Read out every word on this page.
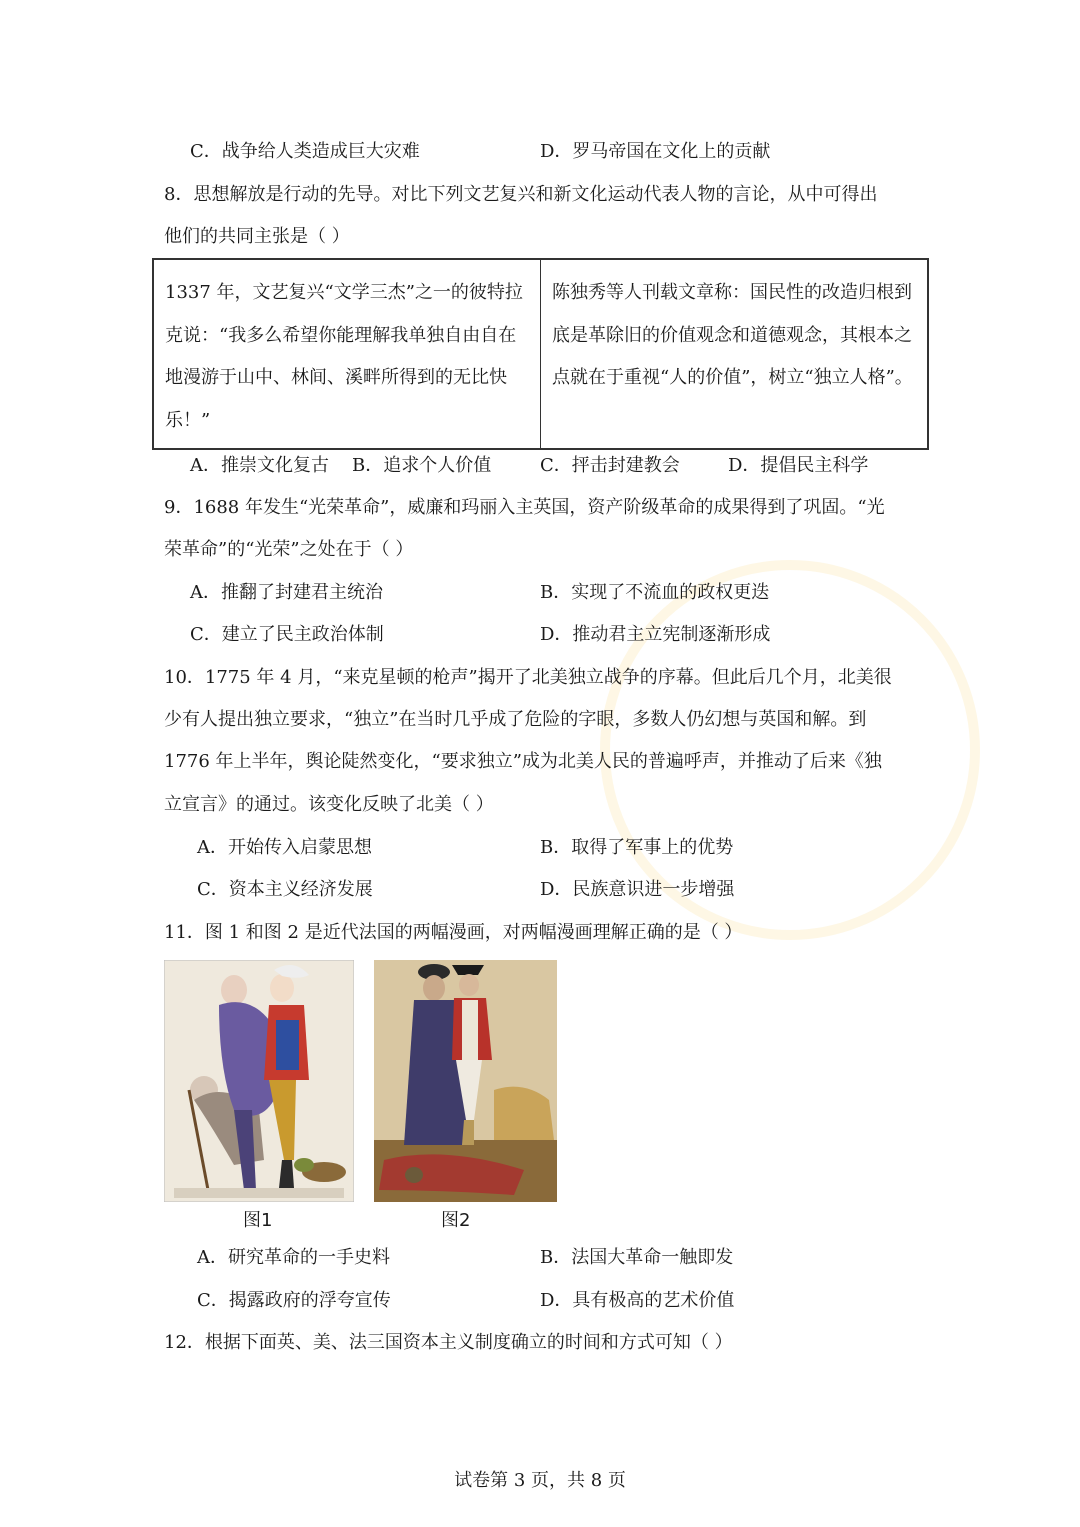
C．战争给人类造成巨大灾难	D．罗马帝国在文化上的贡献
8．思想解放是行动的先导。对比下列文艺复兴和新文化运动代表人物的言论，从中可得出
他们的共同主张是（ ）
1337 年，文艺复兴“文学三杰”之一的彼特拉克说：“我多么希望你能理解我单独自由自在地漫游于山中、林间、溪畔所得到的无比快乐！”	陈独秀等人刊载文章称：国民性的改造归根到底是革除旧的价值观念和道德观念，其根本之点就在于重视“人的价值”，树立“独立人格”。
A．推崇文化复古 B．追求个人价值	C．抨击封建教会	D．提倡民主科学
9．1688 年发生“光荣革命”，威廉和玛丽入主英国，资产阶级革命的成果得到了巩固。“光
荣革命”的“光荣”之处在于（ ）
A．推翻了封建君主统治	B．实现了不流血的政权更迭
C．建立了民主政治体制	D．推动君主立宪制逐渐形成
10．1775 年 4 月，“来克星顿的枪声”揭开了北美独立战争的序幕。但此后几个月，北美很
少有人提出独立要求，“独立”在当时几乎成了危险的字眼，多数人仍幻想与英国和解。到
1776 年上半年，舆论陡然变化，“要求独立”成为北美人民的普遍呼声，并推动了后来《独
立宣言》的通过。该变化反映了北美（ ）
A．开始传入启蒙思想	B．取得了军事上的优势
C．资本主义经济发展	D．民族意识进一步增强
11．图 1 和图 2 是近代法国的两幅漫画，对两幅漫画理解正确的是（ ）
图1	图2
A．研究革命的一手史料	B．法国大革命一触即发
C．揭露政府的浮夸宣传	D．具有极高的艺术价值
12．根据下面英、美、法三国资本主义制度确立的时间和方式可知（ ）
试卷第 3 页，共 8 页
